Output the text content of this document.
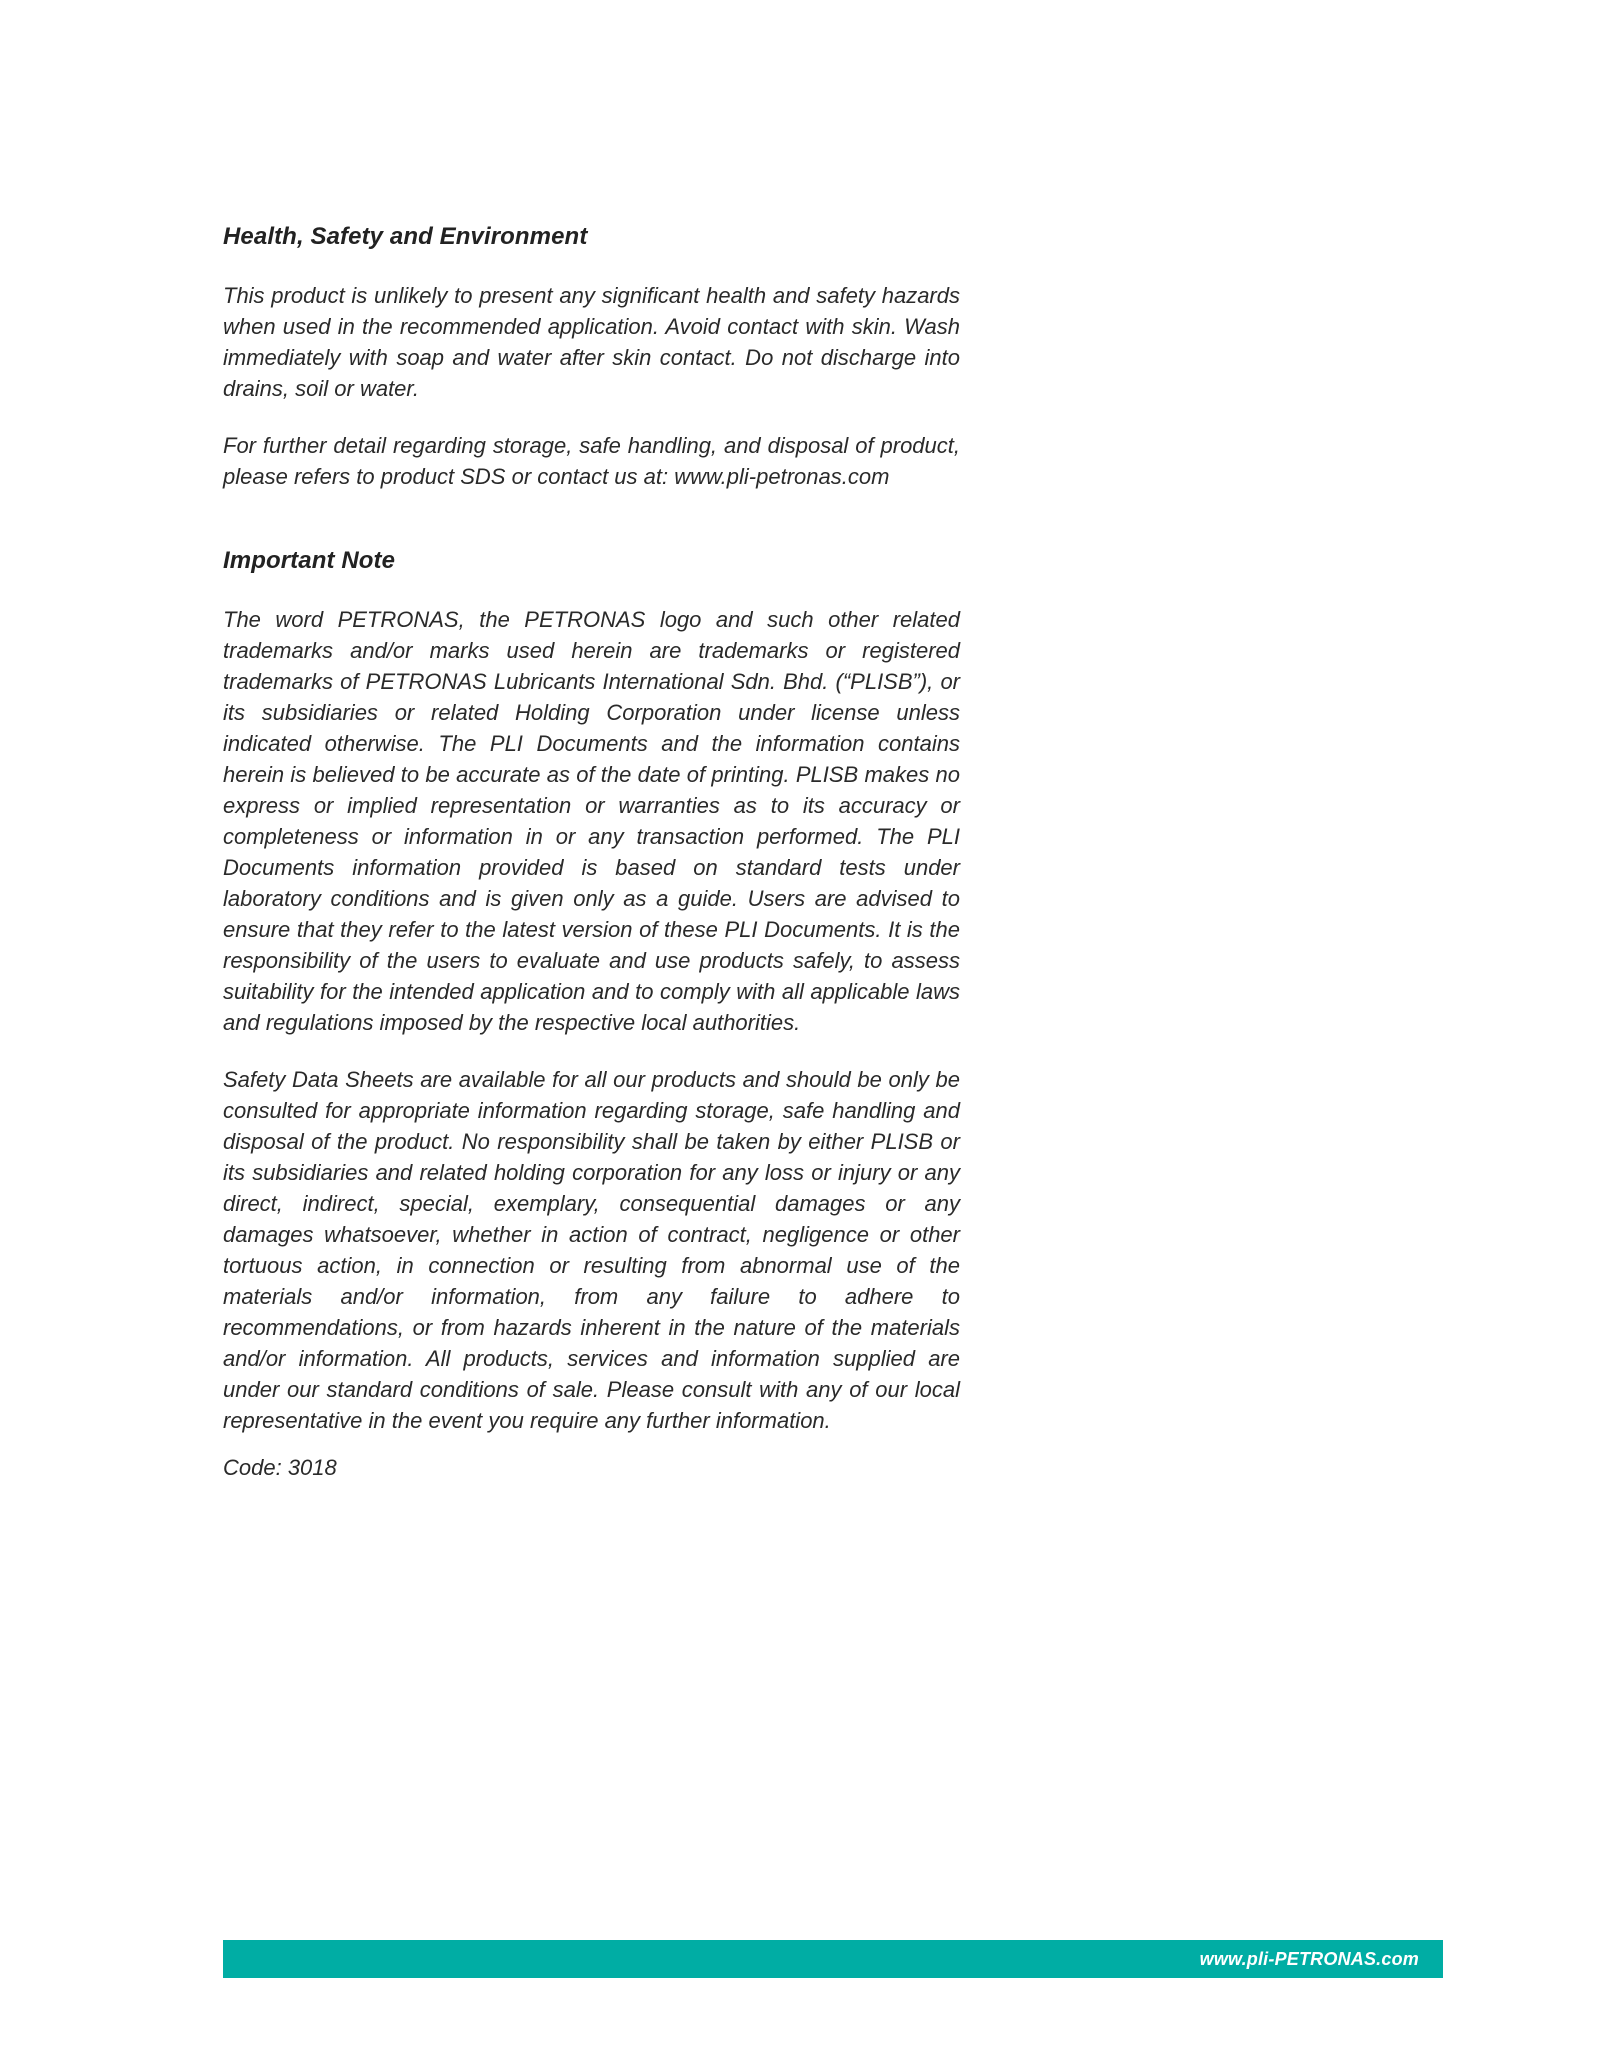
Health, Safety and Environment

This product is unlikely to present any significant health and safety hazards when used in the recommended application. Avoid contact with skin. Wash immediately with soap and water after skin contact. Do not discharge into drains, soil or water.

For further detail regarding storage, safe handling, and disposal of product, please refers to product SDS or contact us at: www.pli-petronas.com

Important Note

The word PETRONAS, the PETRONAS logo and such other related trademarks and/or marks used herein are trademarks or registered trademarks of PETRONAS Lubricants International Sdn. Bhd. (“PLISB”), or its subsidiaries or related Holding Corporation under license unless indicated otherwise. The PLI Documents and the information contains herein is believed to be accurate as of the date of printing. PLISB makes no express or implied representation or warranties as to its accuracy or completeness or information in or any transaction performed. The PLI Documents information provided is based on standard tests under laboratory conditions and is given only as a guide. Users are advised to ensure that they refer to the latest version of these PLI Documents. It is the responsibility of the users to evaluate and use products safely, to assess suitability for the intended application and to comply with all applicable laws and regulations imposed by the respective local authorities.

Safety Data Sheets are available for all our products and should be only be consulted for appropriate information regarding storage, safe handling and disposal of the product. No responsibility shall be taken by either PLISB or its subsidiaries and related holding corporation for any loss or injury or any direct, indirect, special, exemplary, consequential damages or any damages whatsoever, whether in action of contract, negligence or other tortuous action, in connection or resulting from abnormal use of the materials and/or information, from any failure to adhere to recommendations, or from hazards inherent in the nature of the materials and/or information. All products, services and information supplied are under our standard conditions of sale. Please consult with any of our local representative in the event you require any further information.

Code: 3018

www.pli-PETRONAS.com
